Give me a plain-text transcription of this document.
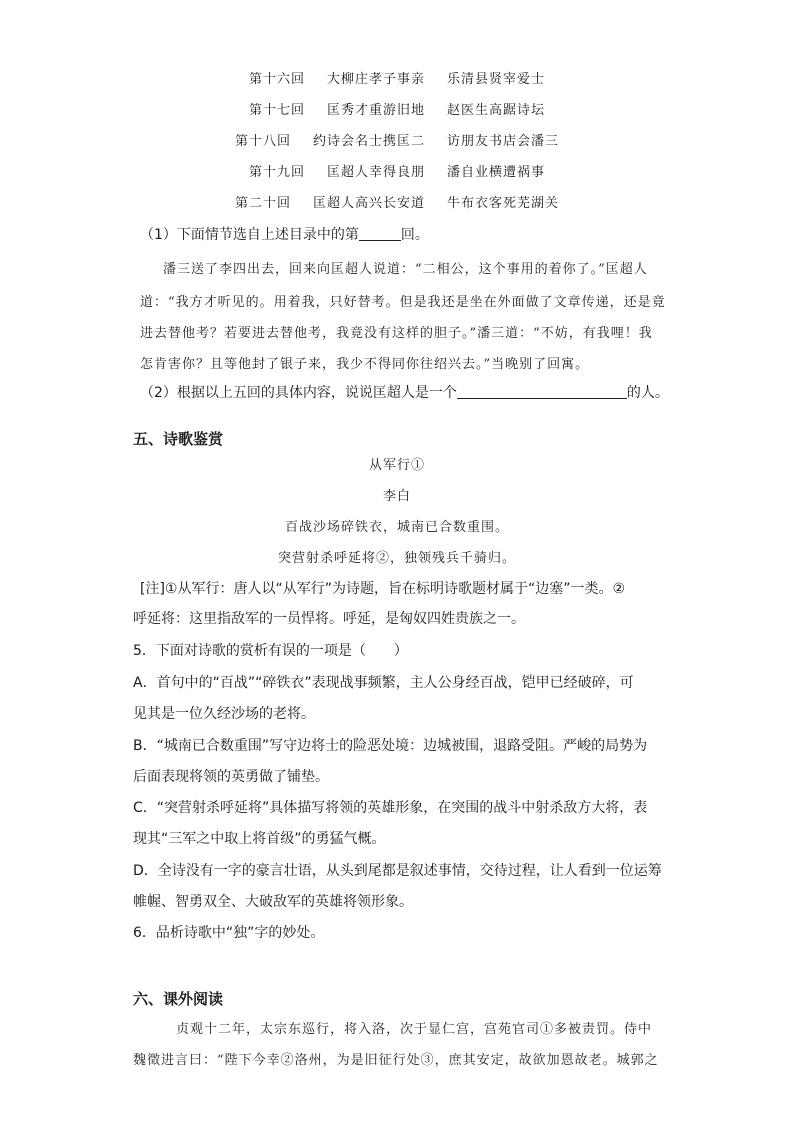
第十六回 大柳庄孝子事亲 乐清县贤宰爱士
第十七回 匡秀才重游旧地 赵医生高踞诗坛
第十八回 约诗会名士携匡二 访朋友书店会潘三
第十九回 匡超人幸得良朋 潘自业横遭祸事
第二十回 匡超人高兴长安道 牛布衣客死芜湖关
（1）下面情节选自上述目录中的第	回。
潘三送了李四出去，回来向匡超人说道：“二相公，这个事用的着你了。”匡超人
道：“我方才听见的。用着我，只好替考。但是我还是坐在外面做了文章传递，还是竟
进去替他考？若要进去替他考，我竟没有这样的胆子。”潘三道：“不妨，有我哩！我
怎肯害你？且等他封了银子来，我少不得同你往绍兴去。”当晚别了回寓。
（2）根据以上五回的具体内容，说说匡超人是一个	的人。
五、诗歌鉴赏
从军行①
李白
百战沙场碎铁衣，城南已合数重围。
突营射杀呼延将②，独领残兵千骑归。
[注]①从军行：唐人以“从军行”为诗题，旨在标明诗歌题材属于“边塞”一类。②
呼延将：这里指敌军的一员悍将。呼延，是匈奴四姓贵族之一。
5．下面对诗歌的赏析有误的一项是（　　）
A．首句中的“百战”“碎铁衣”表现战事频繁，主人公身经百战，铠甲已经破碎，可
见其是一位久经沙场的老将。
B．“城南已合数重围”写守边将士的险恶处境：边城被围，退路受阻。严峻的局势为
后面表现将领的英勇做了铺垫。
C．“突营射杀呼延将”具体描写将领的英雄形象，在突围的战斗中射杀敌方大将，表
现其“三军之中取上将首级”的勇猛气概。
D．全诗没有一字的豪言壮语，从头到尾都是叙述事情，交待过程，让人看到一位运筹
帷幄、智勇双全、大破敌军的英雄将领形象。
6．品析诗歌中“独”字的妙处。
六、课外阅读
贞观十二年，太宗东巡行，将入洛，次于显仁宫，宫苑官司①多被责罚。侍中
魏徵进言曰：“陛下今幸②洛州，为是旧征行处③，庶其安定，故欲加恩故老。城郭之
